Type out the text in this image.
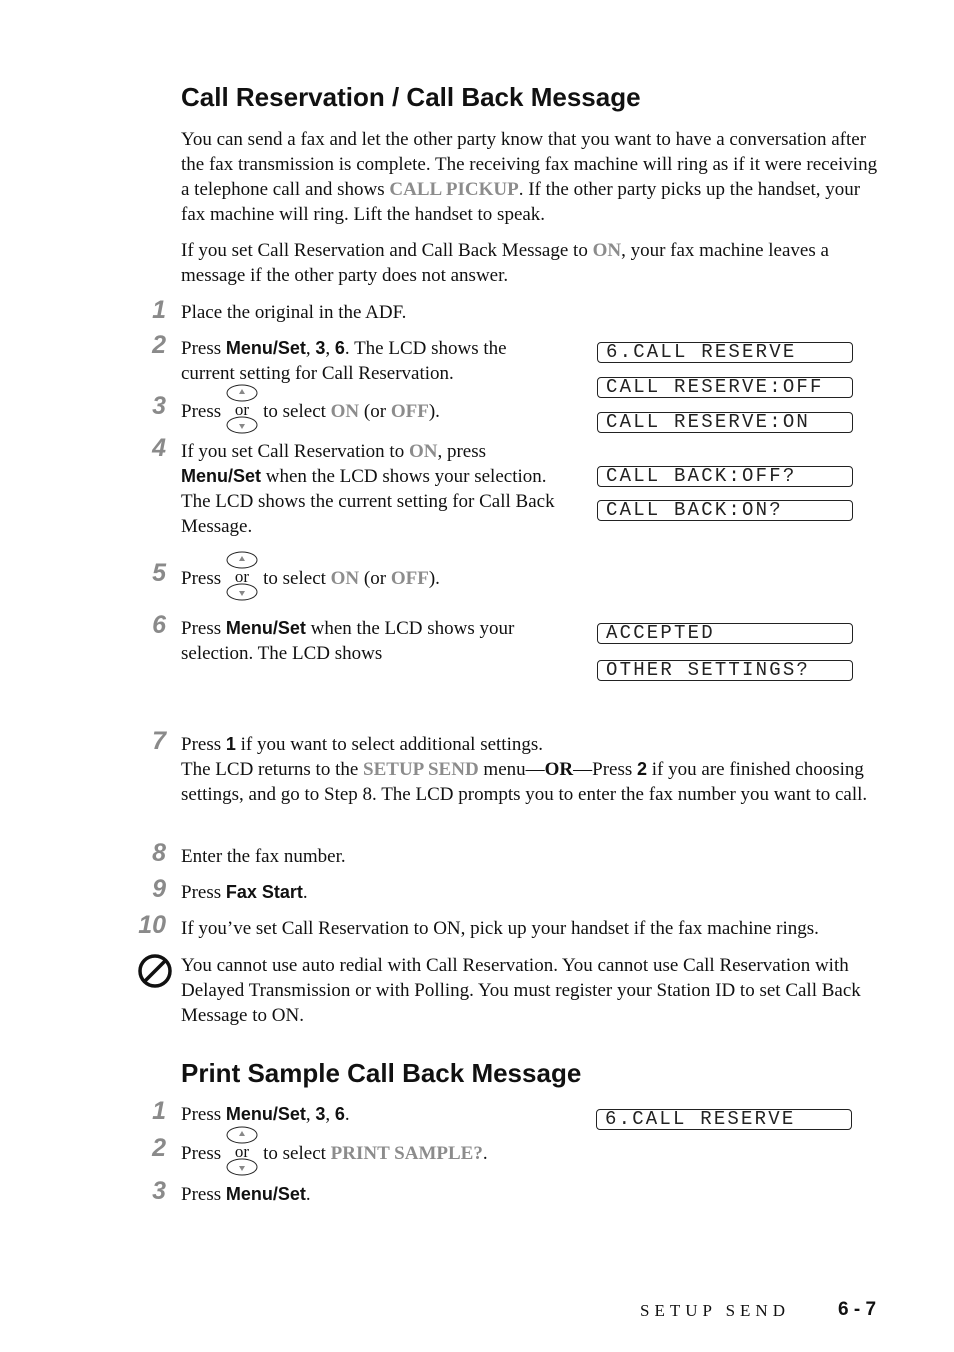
Call Reservation / Call Back Message
You can send a fax and let the other party know that you want to have a conversation after the fax transmission is complete. The receiving fax machine will ring as if it were receiving a telephone call and shows CALL PICKUP. If the other party picks up the handset, your fax machine will ring. Lift the handset to speak.
If you set Call Reservation and Call Back Message to ON, your fax machine leaves a message if the other party does not answer.
1 Place the original in the ADF.
2 Press Menu/Set, 3, 6. The LCD shows the current setting for Call Reservation.
3 Press or to select ON (or OFF).
4 If you set Call Reservation to ON, press Menu/Set when the LCD shows your selection. The LCD shows the current setting for Call Back Message.
5 Press or to select ON (or OFF).
6 Press Menu/Set when the LCD shows your selection. The LCD shows
6.CALL RESERVE
CALL RESERVE:OFF
CALL RESERVE:ON
CALL BACK:OFF?
CALL BACK:ON?
ACCEPTED
OTHER SETTINGS?
7 Press 1 if you want to select additional settings.
The LCD returns to the SETUP SEND menu—OR—Press 2 if you are finished choosing settings, and go to Step 8. The LCD prompts you to enter the fax number you want to call.
8 Enter the fax number.
9 Press Fax Start.
10 If you’ve set Call Reservation to ON, pick up your handset if the fax machine rings.
You cannot use auto redial with Call Reservation. You cannot use Call Reservation with Delayed Transmission or with Polling. You must register your Station ID to set Call Back Message to ON.
Print Sample Call Back Message
1 Press Menu/Set, 3, 6.	6.CALL RESERVE
2 Press or to select PRINT SAMPLE?.
3 Press Menu/Set.
SETUP SEND	6 - 7
